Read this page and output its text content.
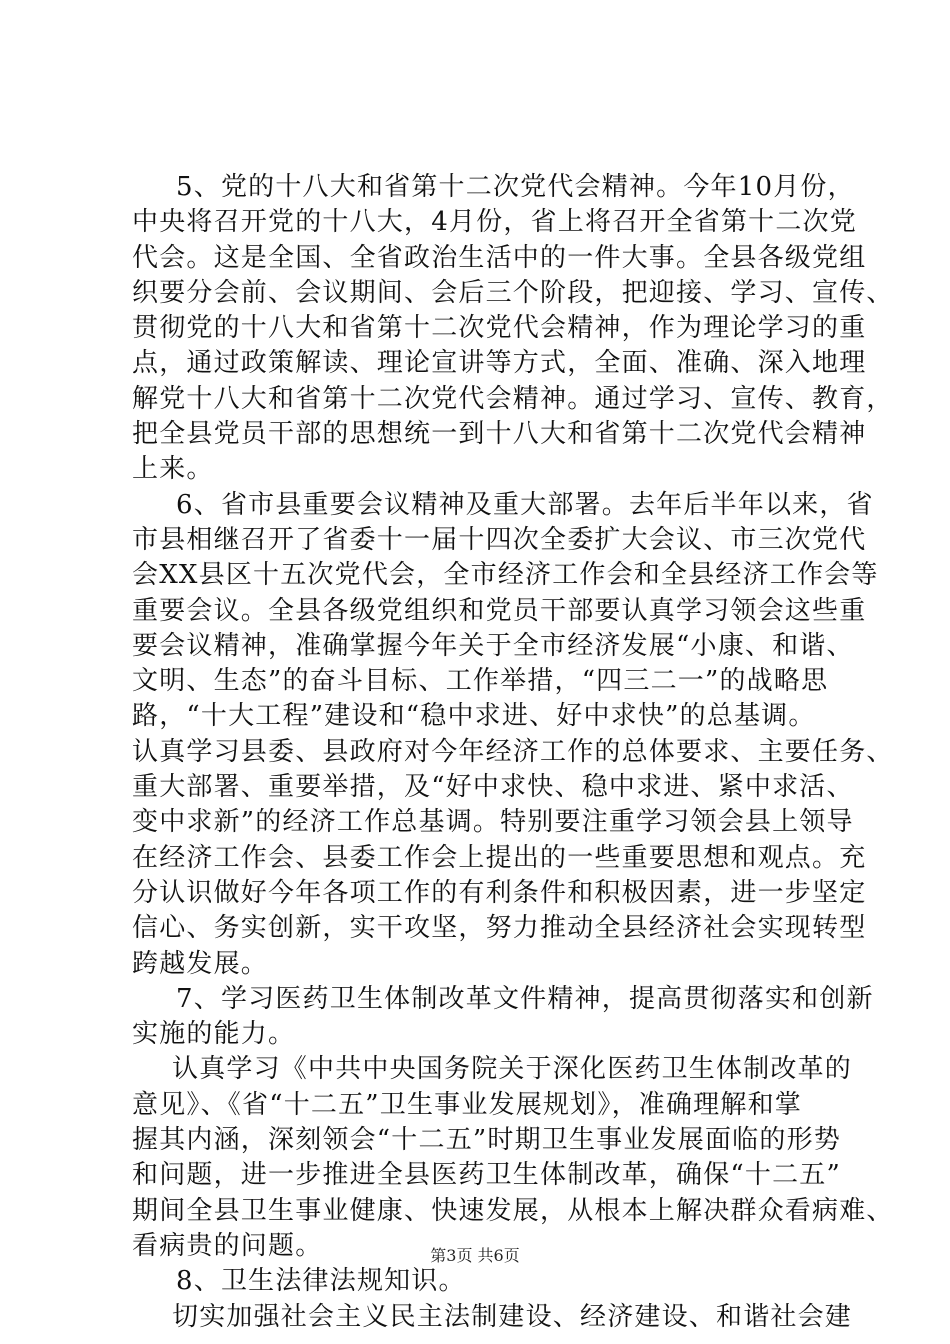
5、党的十八大和省第十二次党代会精神。今年10月份，
中央将召开党的十八大，4月份，省上将召开全省第十二次党
代会。这是全国、全省政治生活中的一件大事。全县各级党组
织要分会前、会议期间、会后三个阶段，把迎接、学习、宣传、
贯彻党的十八大和省第十二次党代会精神，作为理论学习的重
点，通过政策解读、理论宣讲等方式，全面、准确、深入地理
解党十八大和省第十二次党代会精神。通过学习、宣传、教育，
把全县党员干部的思想统一到十八大和省第十二次党代会精神
上来。
6、省市县重要会议精神及重大部署。去年后半年以来，省
市县相继召开了省委十一届十四次全委扩大会议、市三次党代
会XX县区十五次党代会，全市经济工作会和全县经济工作会等
重要会议。全县各级党组织和党员干部要认真学习领会这些重
要会议精神，准确掌握今年关于全市经济发展“小康、和谐、
文明、生态”的奋斗目标、工作举措，“四三二一”的战略思
路，“十大工程”建设和“稳中求进、好中求快”的总基调。
认真学习县委、县政府对今年经济工作的总体要求、主要任务、
重大部署、重要举措，及“好中求快、稳中求进、紧中求活、
变中求新”的经济工作总基调。特别要注重学习领会县上领导
在经济工作会、县委工作会上提出的一些重要思想和观点。充
分认识做好今年各项工作的有利条件和积极因素，进一步坚定
信心、务实创新，实干攻坚，努力推动全县经济社会实现转型
跨越发展。
7、学习医药卫生体制改革文件精神，提高贯彻落实和创新
实施的能力。
认真学习《中共中央国务院关于深化医药卫生体制改革的
意见》、《省“十二五”卫生事业发展规划》，准确理解和掌
握其内涵，深刻领会“十二五”时期卫生事业发展面临的形势
和问题，进一步推进全县医药卫生体制改革，确保“十二五”
期间全县卫生事业健康、快速发展，从根本上解决群众看病难、
看病贵的问题。
8、卫生法律法规知识。
切实加强社会主义民主法制建设、经济建设、和谐社会建
第3页 共6页
